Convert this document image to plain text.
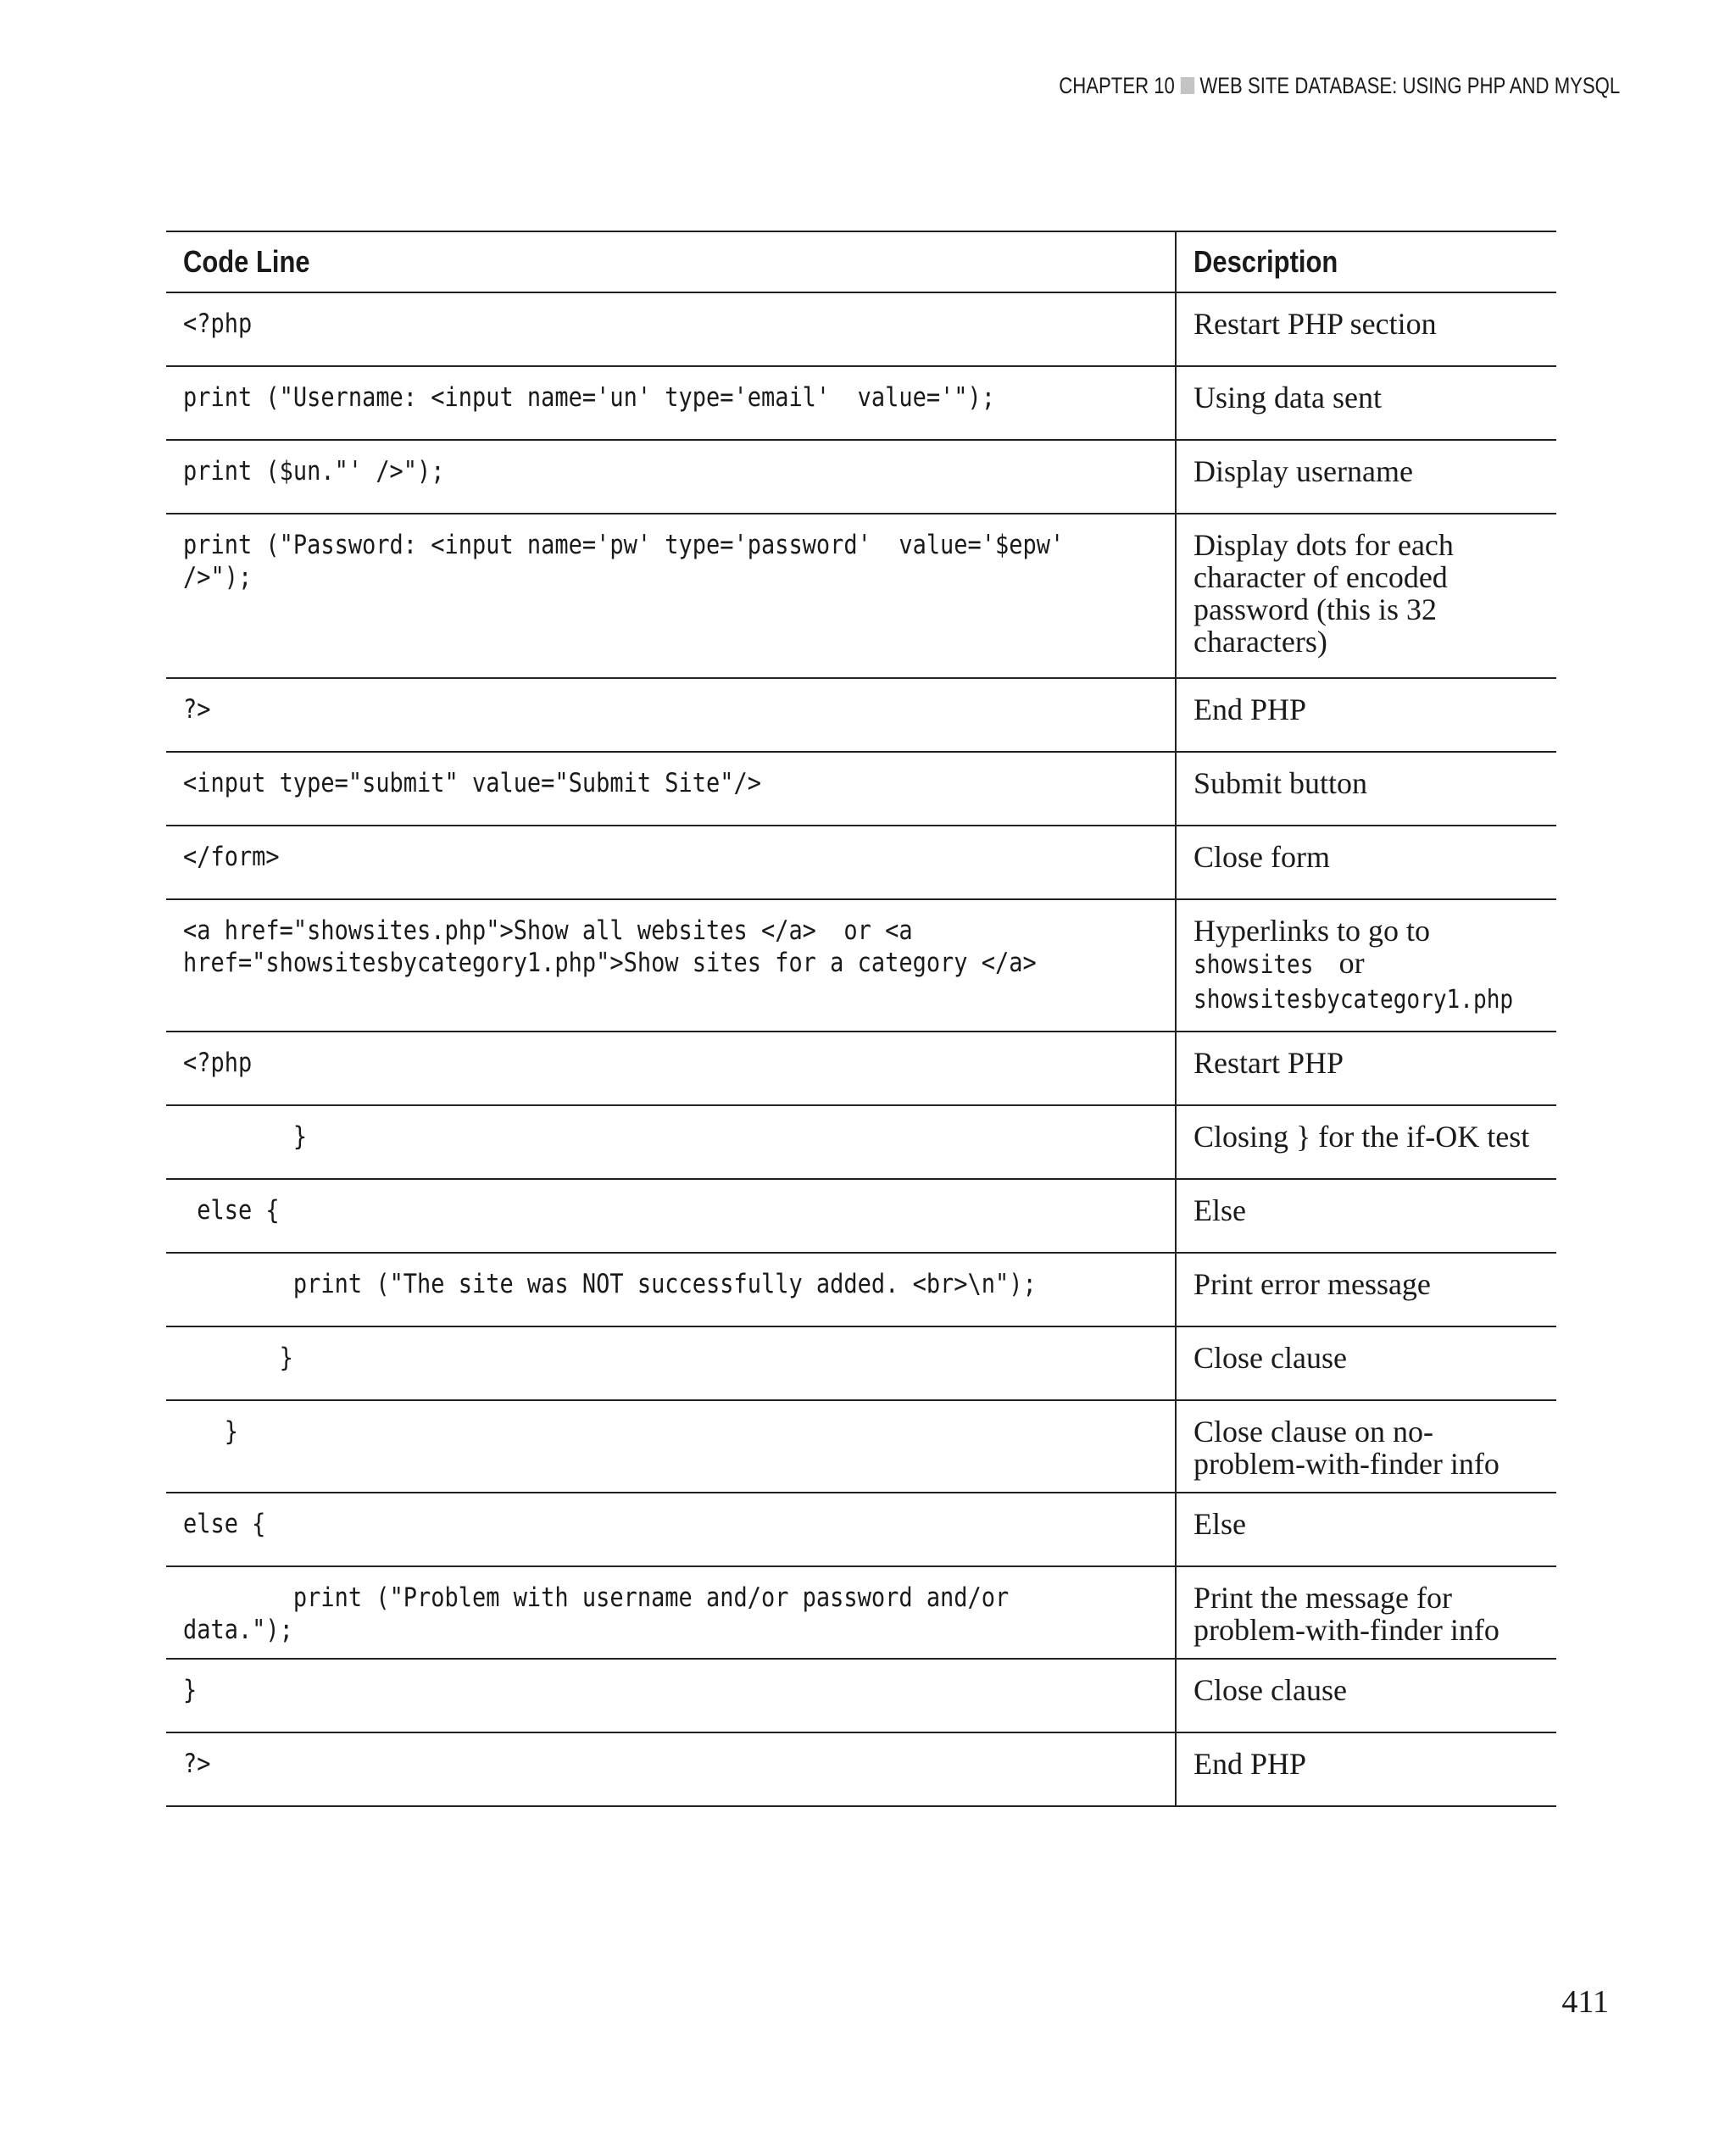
CHAPTER 10 WEB SITE DATABASE: USING PHP AND MYSQL
Code Line	Description

<?php	Restart PHP section

print ("Username: <input name='un' type='email'  value='");	Using data sent

print ($un."' />");	Display username

print ("Password: <input name='pw' type='password'  value='$epw'
/>");	Display dots for each character of encoded password (this is 32 characters)

?>	End PHP

<input type="submit" value="Submit Site"/>	Submit button

</form>	Close form

<a href="showsites.php">Show all websites </a>  or <a
href="showsitesbycategory1.php">Show sites for a category </a>	Hyperlinks to go to
showsites or
showsitesbycategory1.php

<?php	Restart PHP

}	Closing } for the if-OK test

else {	Else

print ("The site was NOT successfully added. <br>\n");	Print error message

}	Close clause

}	Close clause on no-problem-with-finder info

else {	Else

print ("Problem with username and/or password and/or
data.");	Print the message for problem-with-finder info

}	Close clause

?>	End PHP
411
